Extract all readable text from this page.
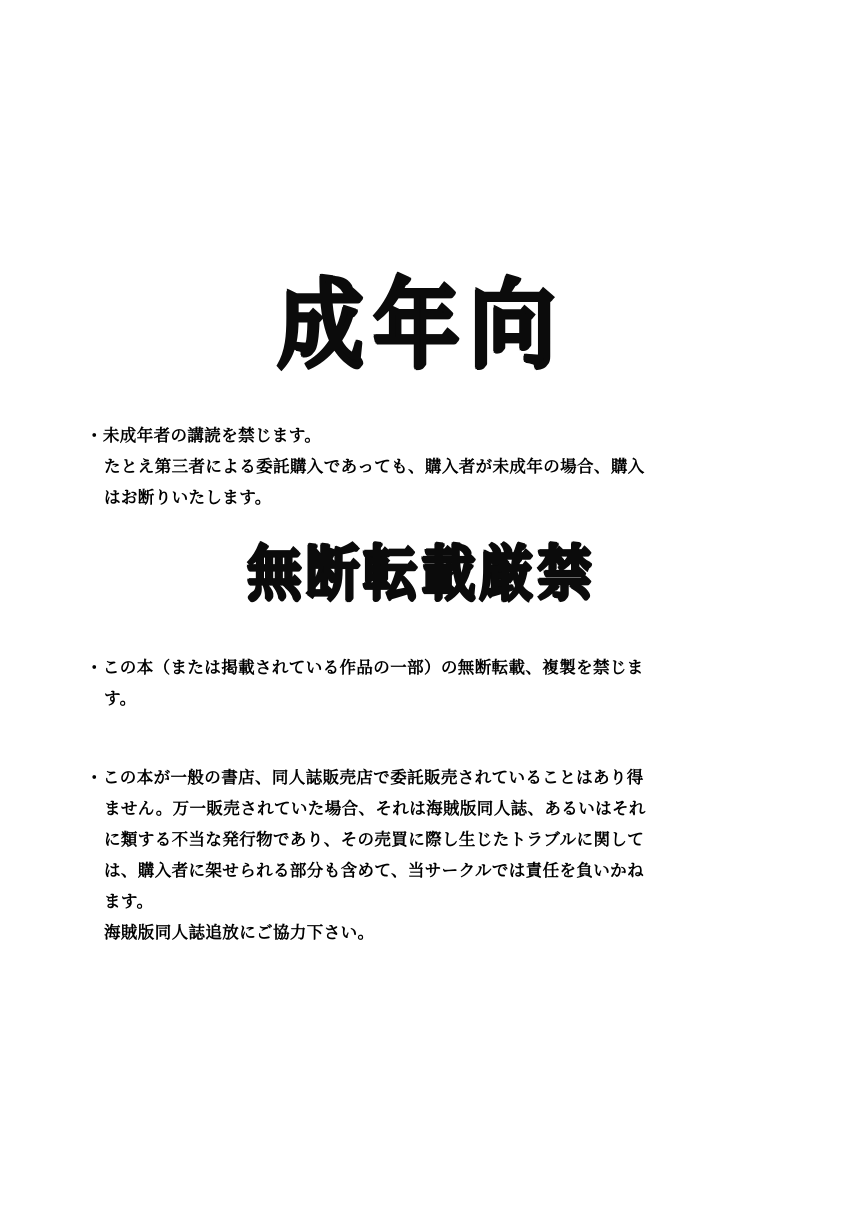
成年向
・未成年者の講読を禁じます。
たとえ第三者による委託購入であっても、購入者が未成年の場合、購入
はお断りいたします。
無断転載厳禁
・この本（または掲載されている作品の一部）の無断転載、複製を禁じま
す。
・この本が一般の書店、同人誌販売店で委託販売されていることはあり得
ません。万一販売されていた場合、それは海賊版同人誌、あるいはそれ
に類する不当な発行物であり、その売買に際し生じたトラブルに関して
は、購入者に架せられる部分も含めて、当サークルでは責任を負いかね
ます。
海賊版同人誌追放にご協力下さい。
